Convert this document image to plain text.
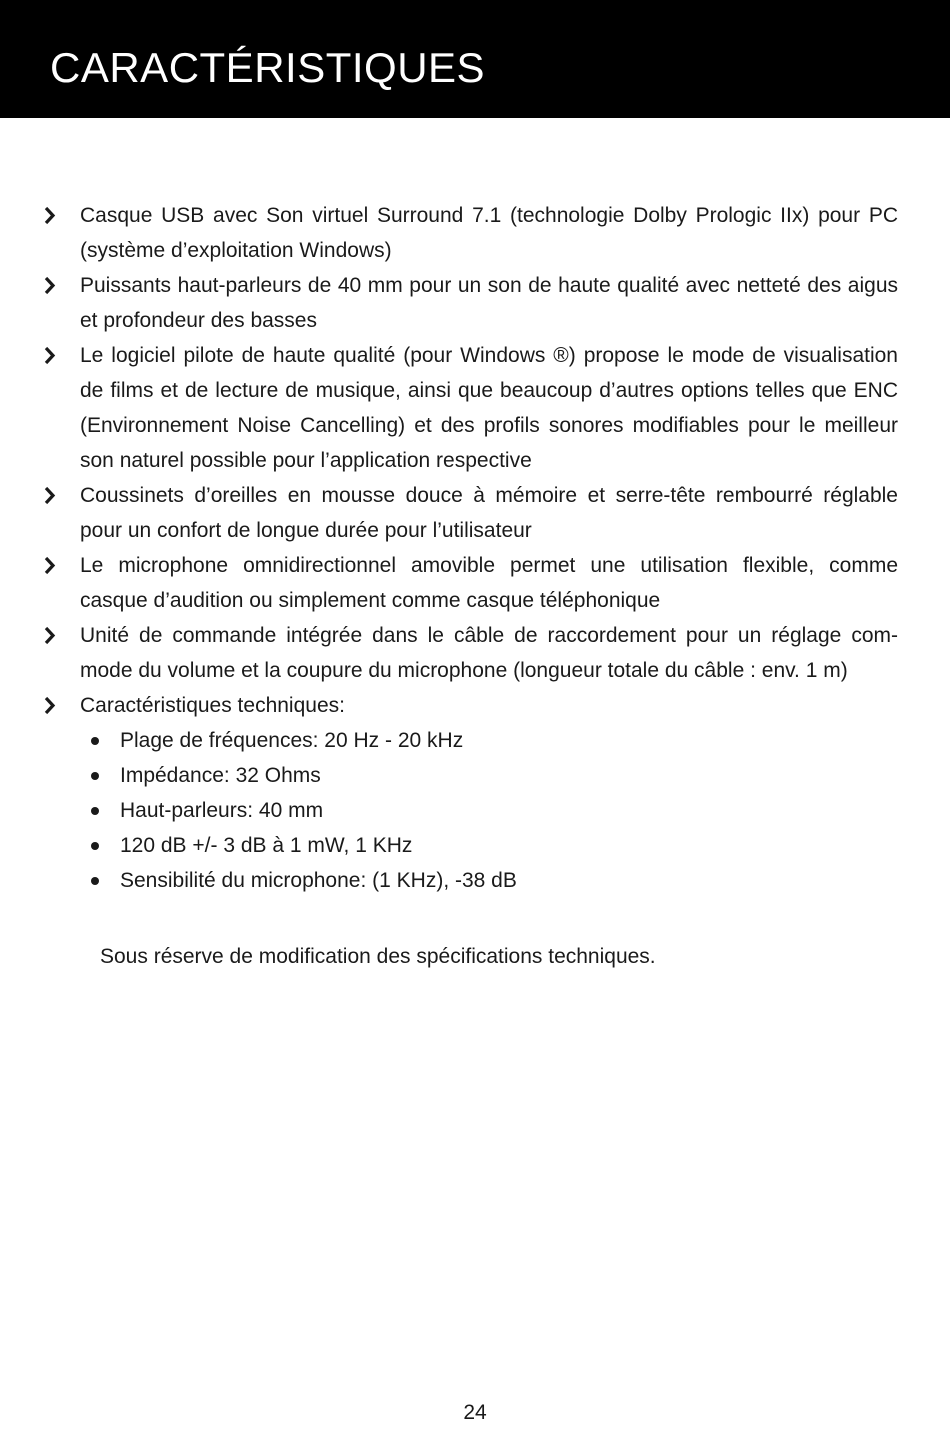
CARACTÉRISTIQUES
Casque USB avec Son virtuel Surround 7.1 (technologie Dolby Prologic IIx) pour PC (système d’exploitation Windows)
Puissants haut-parleurs de 40 mm pour un son de haute qualité avec netteté des aigus et profondeur des basses
Le logiciel pilote de haute qualité (pour Windows ®) propose le mode de visualisation de films et de lecture de musique, ainsi que beaucoup d’autres options telles que ENC (Environnement Noise Cancelling) et des profils sonores modifiables pour le meilleur son naturel possible pour l’application respective
Coussinets d’oreilles en mousse douce à mémoire et serre-tête rembourré réglable pour un confort de longue durée pour l’utilisateur
Le microphone omnidirectionnel amovible permet une utilisation flexible, comme casque d’audition ou simplement comme casque téléphonique
Unité de commande intégrée dans le câble de raccordement pour un réglage com-mode du volume et la coupure du microphone (longueur totale du câble : env. 1 m)
Caractéristiques techniques:
Plage de fréquences: 20 Hz - 20 kHz
Impédance: 32 Ohms
Haut-parleurs: 40 mm
120 dB +/- 3 dB à 1 mW, 1 KHz
Sensibilité du microphone: (1 KHz), -38 dB

Sous réserve de modification des spécifications techniques.

24
